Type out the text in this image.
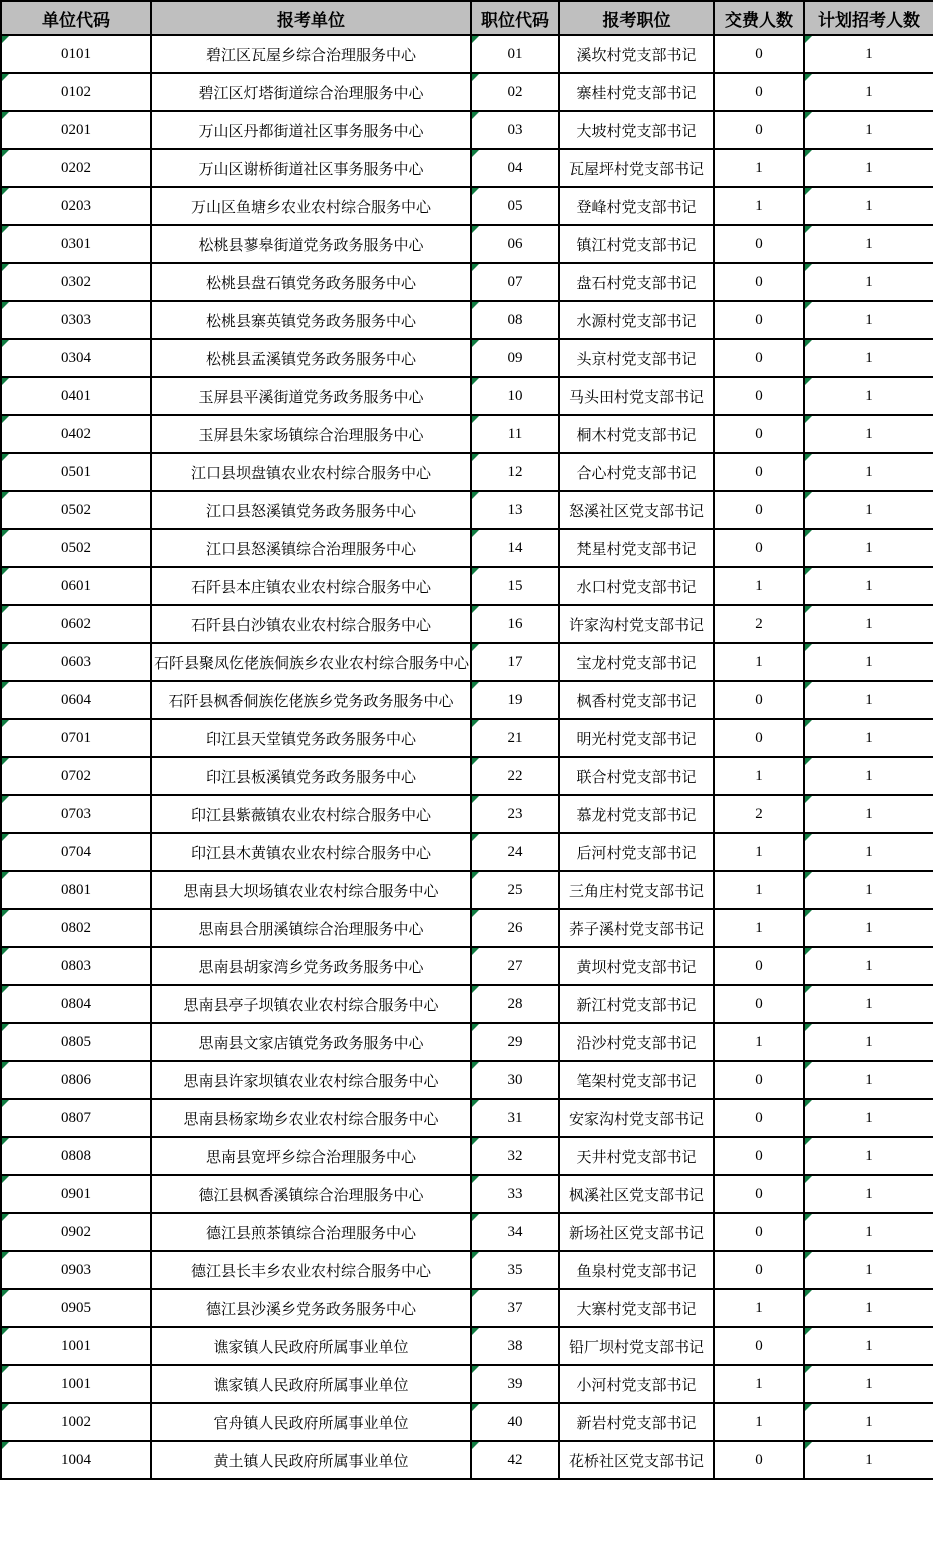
单位代码	报考单位	职位代码	报考职位	交费人数	计划招考人数

0101	碧江区瓦屋乡综合治理服务中心	01	溪坎村党支部书记	0	1

0102	碧江区灯塔街道综合治理服务中心	02	寨桂村党支部书记	0	1

0201	万山区丹都街道社区事务服务中心	03	大坡村党支部书记	0	1

0202	万山区谢桥街道社区事务服务中心	04	瓦屋坪村党支部书记	1	1

0203	万山区鱼塘乡农业农村综合服务中心	05	登峰村党支部书记	1	1

0301	松桃县蓼皋街道党务政务服务中心	06	镇江村党支部书记	0	1

0302	松桃县盘石镇党务政务服务中心	07	盘石村党支部书记	0	1

0303	松桃县寨英镇党务政务服务中心	08	水源村党支部书记	0	1

0304	松桃县孟溪镇党务政务服务中心	09	头京村党支部书记	0	1

0401	玉屏县平溪街道党务政务服务中心	10	马头田村党支部书记	0	1

0402	玉屏县朱家场镇综合治理服务中心	11	桐木村党支部书记	0	1

0501	江口县坝盘镇农业农村综合服务中心	12	合心村党支部书记	0	1

0502	江口县怒溪镇党务政务服务中心	13	怒溪社区党支部书记	0	1

0502	江口县怒溪镇综合治理服务中心	14	梵星村党支部书记	0	1

0601	石阡县本庄镇农业农村综合服务中心	15	水口村党支部书记	1	1

0602	石阡县白沙镇农业农村综合服务中心	16	许家沟村党支部书记	2	1

0603	石阡县聚凤仡佬族侗族乡农业农村综合服务中心	17	宝龙村党支部书记	1	1

0604	石阡县枫香侗族仡佬族乡党务政务服务中心	19	枫香村党支部书记	0	1

0701	印江县天堂镇党务政务服务中心	21	明光村党支部书记	0	1

0702	印江县板溪镇党务政务服务中心	22	联合村党支部书记	1	1

0703	印江县紫薇镇农业农村综合服务中心	23	慕龙村党支部书记	2	1

0704	印江县木黄镇农业农村综合服务中心	24	后河村党支部书记	1	1

0801	思南县大坝场镇农业农村综合服务中心	25	三角庄村党支部书记	1	1

0802	思南县合朋溪镇综合治理服务中心	26	荞子溪村党支部书记	1	1

0803	思南县胡家湾乡党务政务服务中心	27	黄坝村党支部书记	0	1

0804	思南县亭子坝镇农业农村综合服务中心	28	新江村党支部书记	0	1

0805	思南县文家店镇党务政务服务中心	29	沿沙村党支部书记	1	1

0806	思南县许家坝镇农业农村综合服务中心	30	笔架村党支部书记	0	1

0807	思南县杨家坳乡农业农村综合服务中心	31	安家沟村党支部书记	0	1

0808	思南县宽坪乡综合治理服务中心	32	天井村党支部书记	0	1

0901	德江县枫香溪镇综合治理服务中心	33	枫溪社区党支部书记	0	1

0902	德江县煎茶镇综合治理服务中心	34	新场社区党支部书记	0	1

0903	德江县长丰乡农业农村综合服务中心	35	鱼泉村党支部书记	0	1

0905	德江县沙溪乡党务政务服务中心	37	大寨村党支部书记	1	1

1001	谯家镇人民政府所属事业单位	38	铅厂坝村党支部书记	0	1

1001	谯家镇人民政府所属事业单位	39	小河村党支部书记	1	1

1002	官舟镇人民政府所属事业单位	40	新岩村党支部书记	1	1

1004	黄土镇人民政府所属事业单位	42	花桥社区党支部书记	0	1
